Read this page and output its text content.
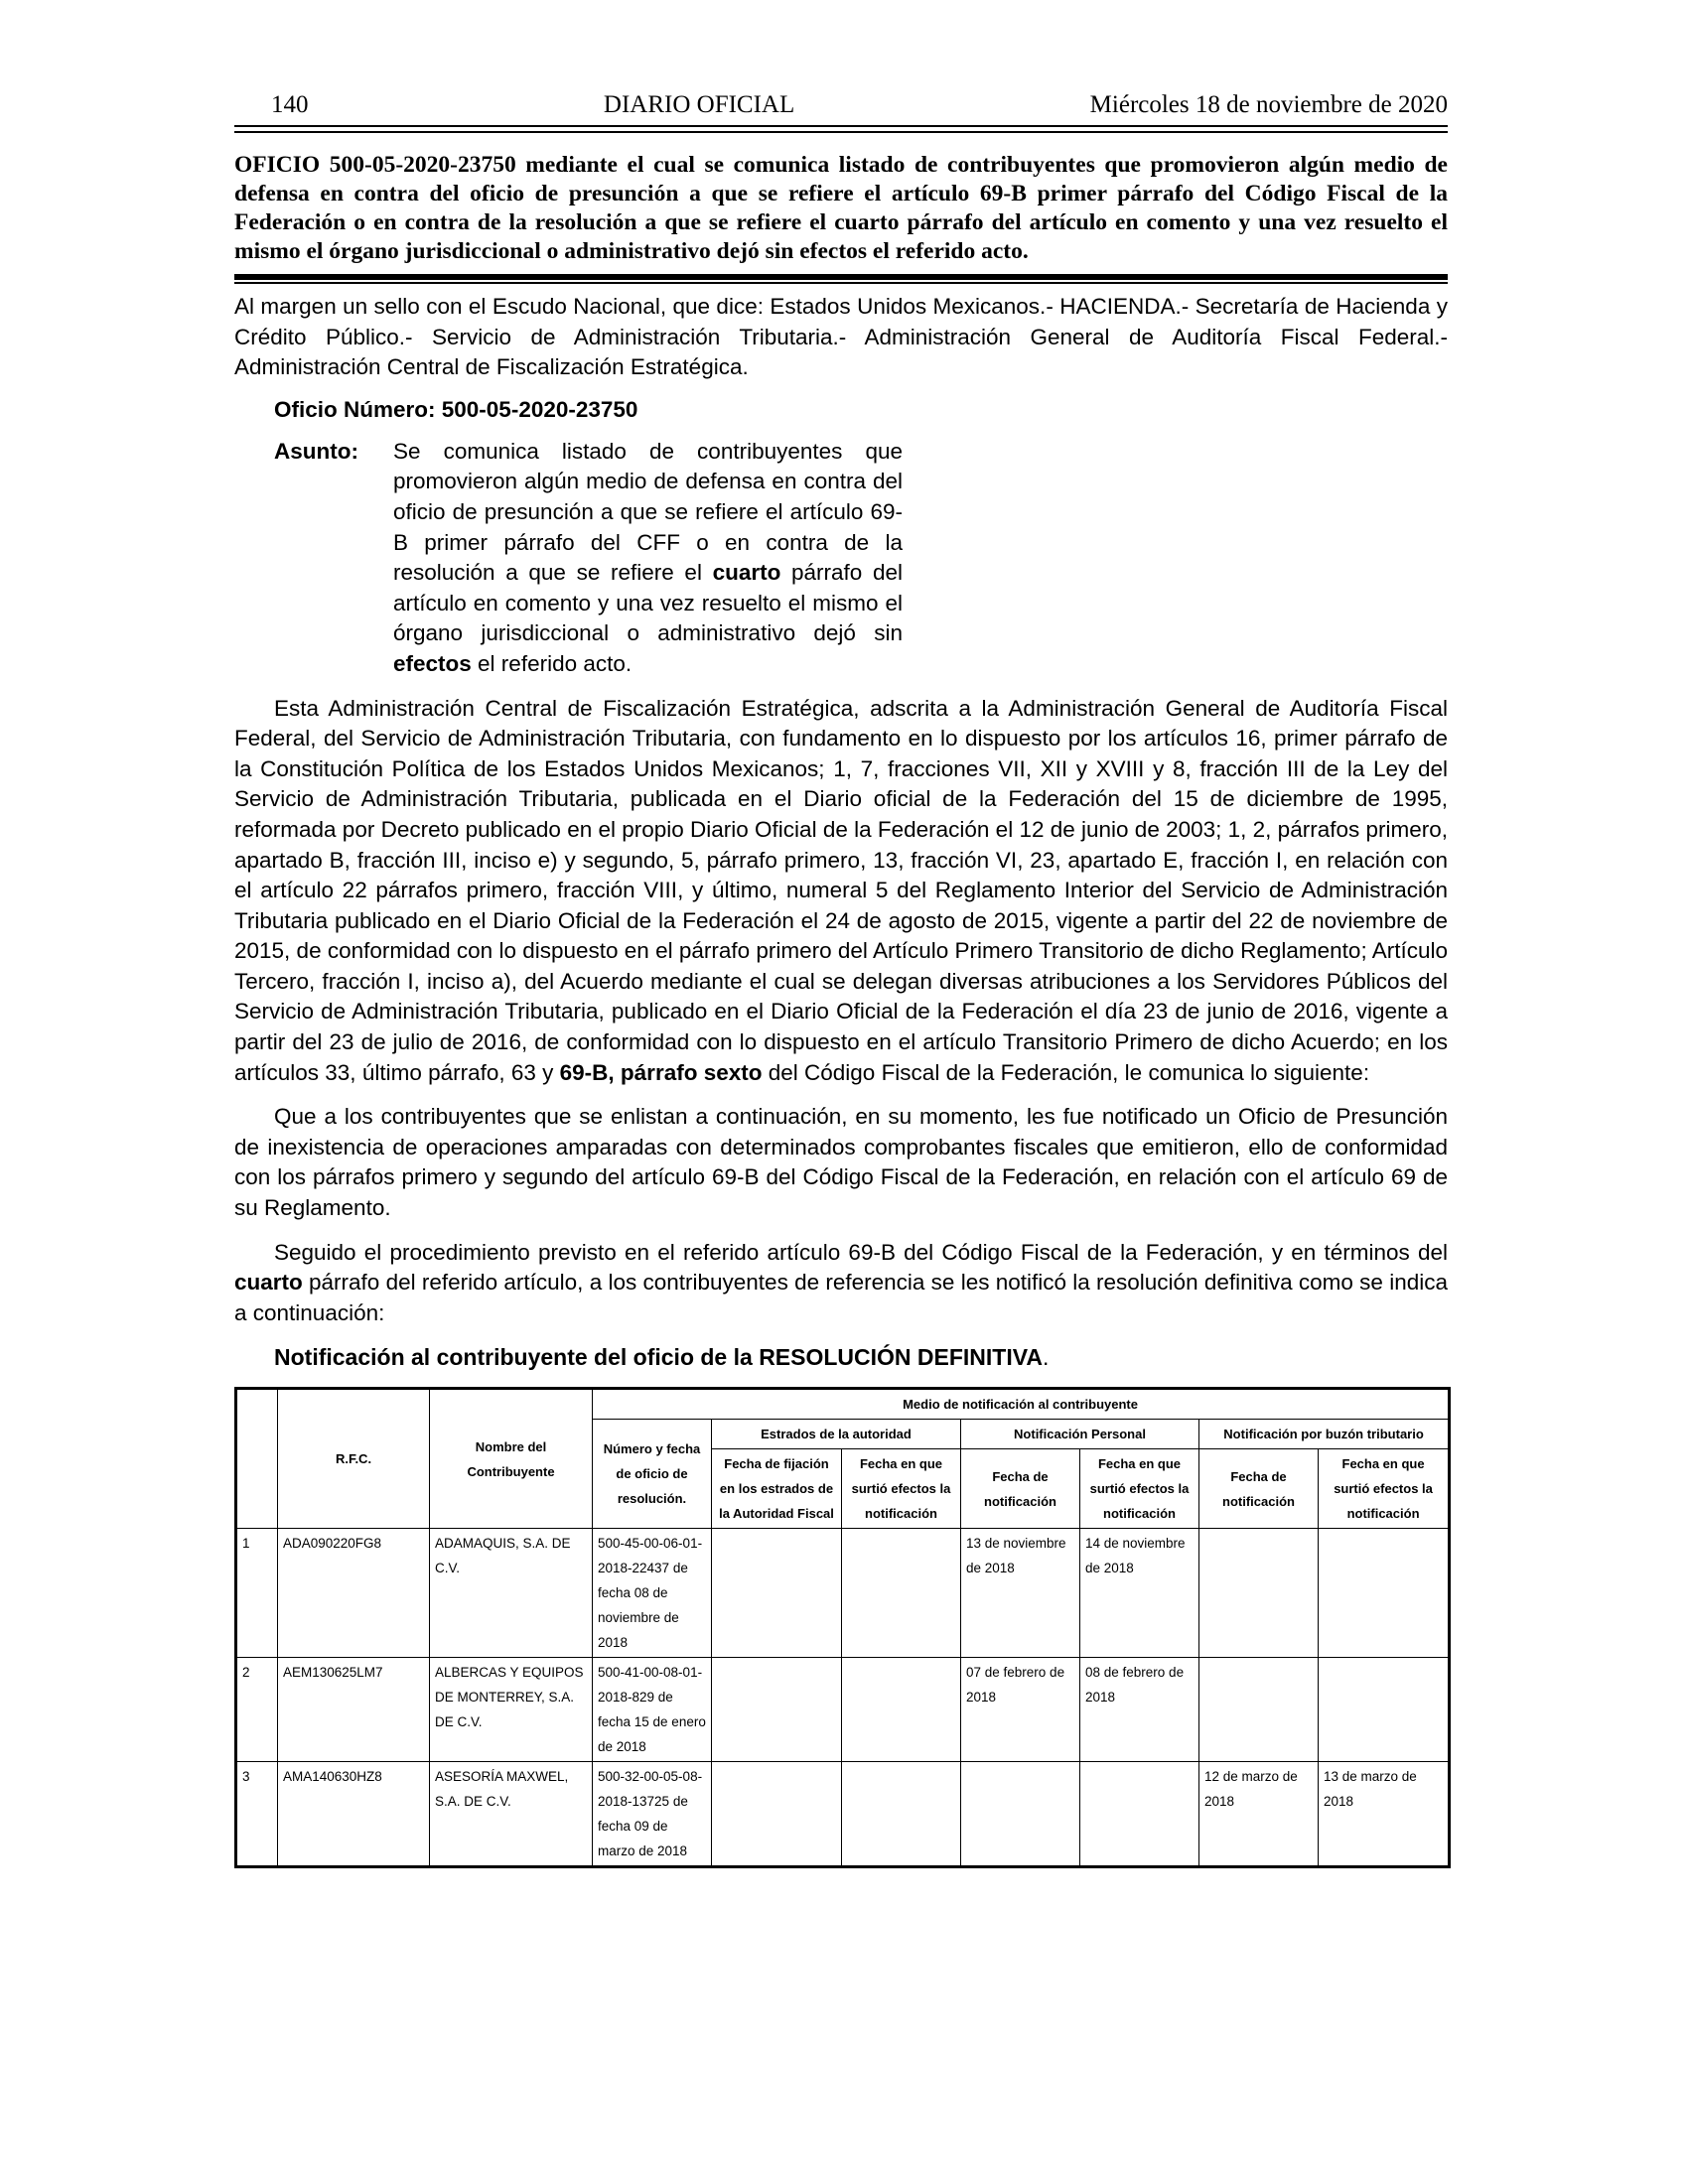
140	DIARIO OFICIAL	Miércoles 18 de noviembre de 2020
OFICIO 500-05-2020-23750 mediante el cual se comunica listado de contribuyentes que promovieron algún medio de defensa en contra del oficio de presunción a que se refiere el artículo 69-B primer párrafo del Código Fiscal de la Federación o en contra de la resolución a que se refiere el cuarto párrafo del artículo en comento y una vez resuelto el mismo el órgano jurisdiccional o administrativo dejó sin efectos el referido acto.

Al margen un sello con el Escudo Nacional, que dice: Estados Unidos Mexicanos.- HACIENDA.- Secretaría de Hacienda y Crédito Público.- Servicio de Administración Tributaria.- Administración General de Auditoría Fiscal Federal.- Administración Central de Fiscalización Estratégica.

Oficio Número: 500-05-2020-23750
Asunto:	Se comunica listado de contribuyentes que promovieron algún medio de defensa en contra del oficio de presunción a que se refiere el artículo 69-B primer párrafo del CFF o en contra de la resolución a que se refiere el cuarto párrafo del artículo en comento y una vez resuelto el mismo el órgano jurisdiccional o administrativo dejó sin efectos el referido acto.

Esta Administración Central de Fiscalización Estratégica, adscrita a la Administración General de Auditoría Fiscal Federal, del Servicio de Administración Tributaria, con fundamento en lo dispuesto por los artículos 16, primer párrafo de la Constitución Política de los Estados Unidos Mexicanos; 1, 7, fracciones VII, XII y XVIII y 8, fracción III de la Ley del Servicio de Administración Tributaria, publicada en el Diario oficial de la Federación del 15 de diciembre de 1995, reformada por Decreto publicado en el propio Diario Oficial de la Federación el 12 de junio de 2003; 1, 2, párrafos primero, apartado B, fracción III, inciso e) y segundo, 5, párrafo primero, 13, fracción VI, 23, apartado E, fracción I, en relación con el artículo 22 párrafos primero, fracción VIII, y último, numeral 5 del Reglamento Interior del Servicio de Administración Tributaria publicado en el Diario Oficial de la Federación el 24 de agosto de 2015, vigente a partir del 22 de noviembre de 2015, de conformidad con lo dispuesto en el párrafo primero del Artículo Primero Transitorio de dicho Reglamento; Artículo Tercero, fracción I, inciso a), del Acuerdo mediante el cual se delegan diversas atribuciones a los Servidores Públicos del Servicio de Administración Tributaria, publicado en el Diario Oficial de la Federación el día 23 de junio de 2016, vigente a partir del 23 de julio de 2016, de conformidad con lo dispuesto en el artículo Transitorio Primero de dicho Acuerdo; en los artículos 33, último párrafo, 63 y 69-B, párrafo sexto del Código Fiscal de la Federación, le comunica lo siguiente:

Que a los contribuyentes que se enlistan a continuación, en su momento, les fue notificado un Oficio de Presunción de inexistencia de operaciones amparadas con determinados comprobantes fiscales que emitieron, ello de conformidad con los párrafos primero y segundo del artículo 69-B del Código Fiscal de la Federación, en relación con el artículo 69 de su Reglamento.

Seguido el procedimiento previsto en el referido artículo 69-B del Código Fiscal de la Federación, y en términos del cuarto párrafo del referido artículo, a los contribuyentes de referencia se les notificó la resolución definitiva como se indica a continuación:

Notificación al contribuyente del oficio de la RESOLUCIÓN DEFINITIVA.
	R.F.C.	Nombre del Contribuyente	Medio de notificación al contribuyente						
			Número y fecha de oficio de resolución.	Estrados de la autoridad		Notificación Personal		Notificación por buzón tributario	
				Fecha de fijación en los estrados de la Autoridad Fiscal	Fecha en que surtió efectos la notificación	Fecha de notificación	Fecha en que surtió efectos la notificación	Fecha de notificación	Fecha en que surtió efectos la notificación
1	ADA090220FG8	ADAMAQUIS, S.A. DE C.V.	500-45-00-06-01-2018-22437 de fecha 08 de noviembre de 2018			13 de noviembre de 2018	14 de noviembre de 2018		
2	AEM130625LM7	ALBERCAS Y EQUIPOS DE MONTERREY, S.A. DE C.V.	500-41-00-08-01-2018-829 de fecha 15 de enero de 2018			07 de febrero de 2018	08 de febrero de 2018		
3	AMA140630HZ8	ASESORÍA MAXWEL, S.A. DE C.V.	500-32-00-05-08-2018-13725 de fecha 09 de marzo de 2018					12 de marzo de 2018	13 de marzo de 2018
